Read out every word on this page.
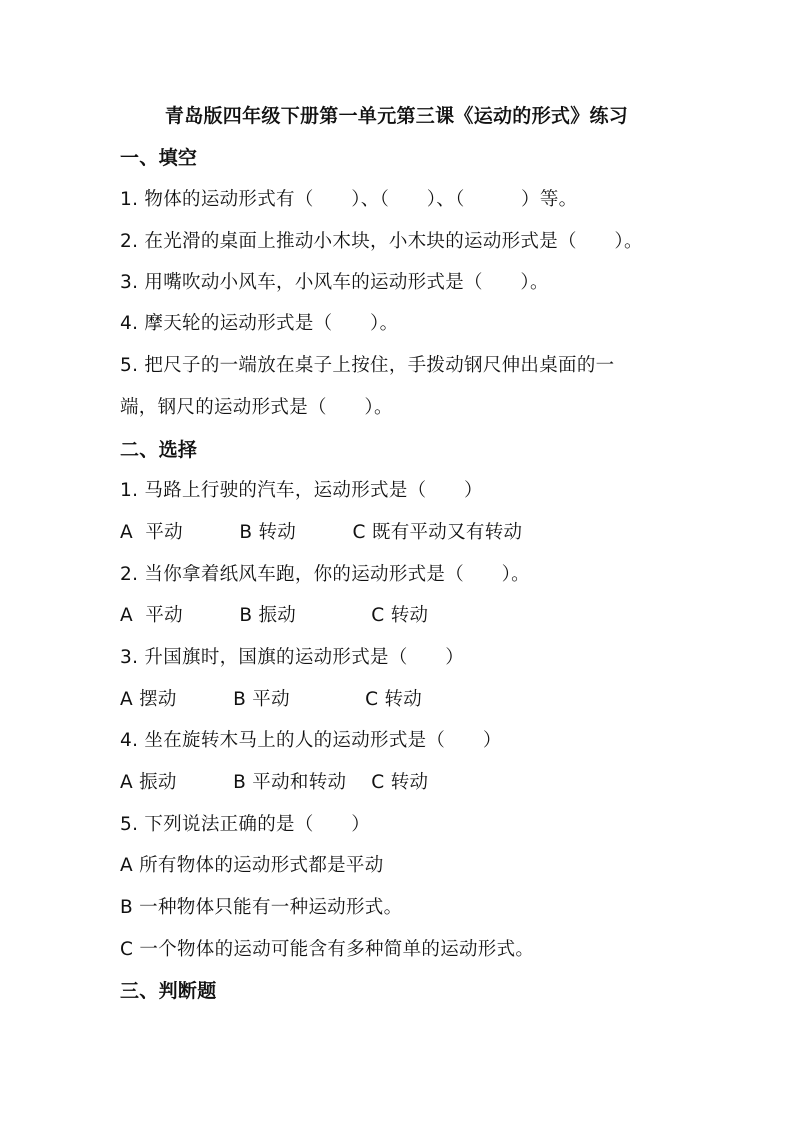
青岛版四年级下册第一单元第三课《运动的形式》练习
一、填空
1. 物体的运动形式有（　　）、（　　）、（　　　）等。
2. 在光滑的桌面上推动小木块，小木块的运动形式是（　　）。
3. 用嘴吹动小风车，小风车的运动形式是（　　）。
4. 摩天轮的运动形式是（　　）。
5. 把尺子的一端放在桌子上按住，手拨动钢尺伸出桌面的一
端，钢尺的运动形式是（　　）。
二、选择
1. 马路上行驶的汽车，运动形式是（　　）
A  平动　　　B 转动　　　C 既有平动又有转动
2. 当你拿着纸风车跑，你的运动形式是（　　）。
A  平动　　　B 振动　　　　C 转动
3. 升国旗时，国旗的运动形式是（　　）
A 摆动　　　B 平动　　　　C 转动
4. 坐在旋转木马上的人的运动形式是（　　）
A 振动　　　B 平动和转动　 C 转动
5. 下列说法正确的是（　　）
A 所有物体的运动形式都是平动
B 一种物体只能有一种运动形式。
C 一个物体的运动可能含有多种简单的运动形式。
三、判断题
